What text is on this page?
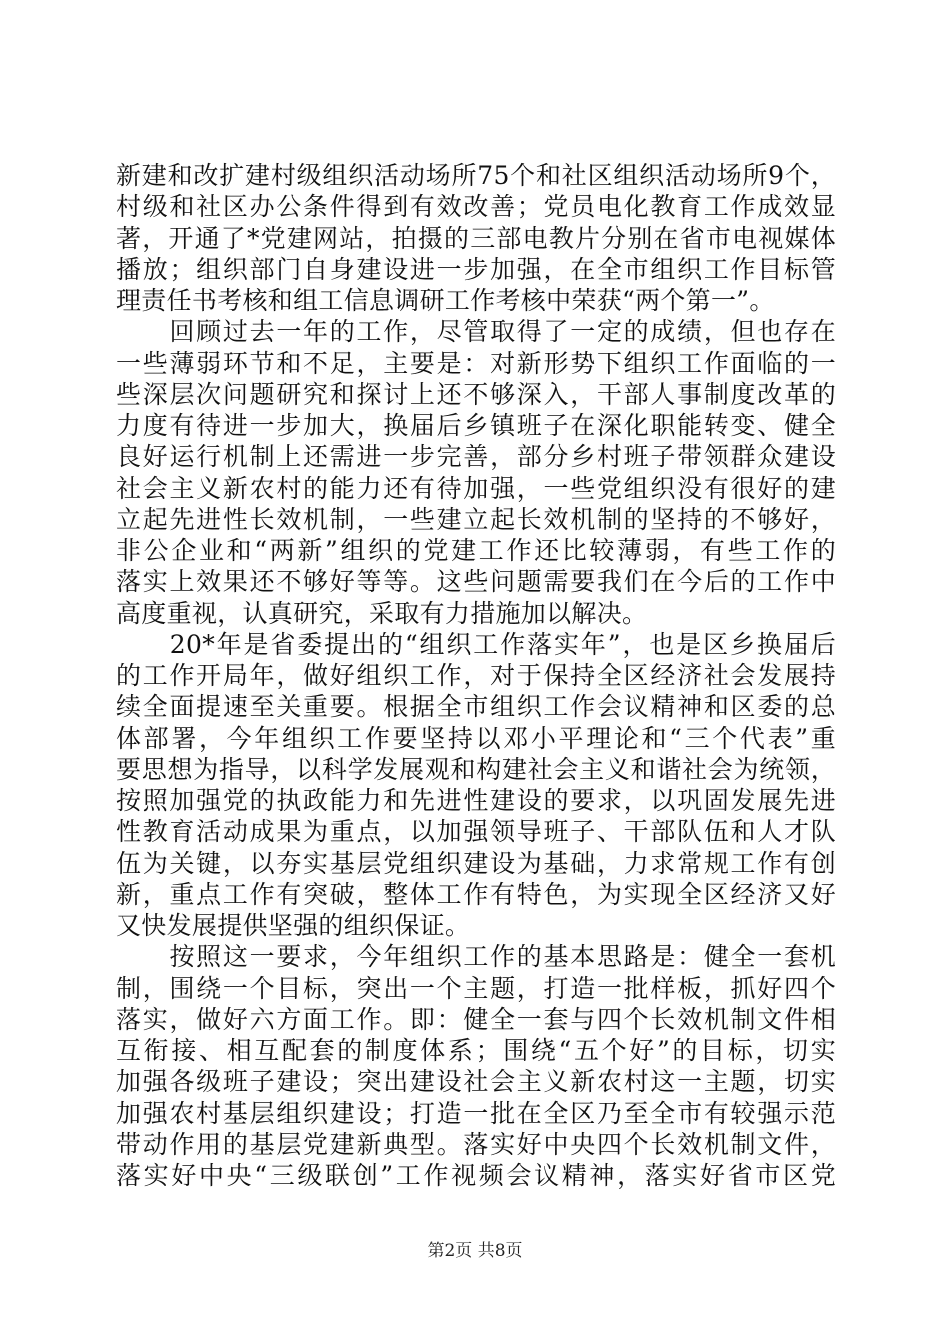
新建和改扩建村级组织活动场所75个和社区组织活动场所9个，
村级和社区办公条件得到有效改善；党员电化教育工作成效显
著，开通了*党建网站，拍摄的三部电教片分别在省市电视媒体
播放；组织部门自身建设进一步加强，在全市组织工作目标管
理责任书考核和组工信息调研工作考核中荣获“两个第一”。
　　回顾过去一年的工作，尽管取得了一定的成绩，但也存在
一些薄弱环节和不足，主要是：对新形势下组织工作面临的一
些深层次问题研究和探讨上还不够深入，干部人事制度改革的
力度有待进一步加大，换届后乡镇班子在深化职能转变、健全
良好运行机制上还需进一步完善，部分乡村班子带领群众建设
社会主义新农村的能力还有待加强，一些党组织没有很好的建
立起先进性长效机制，一些建立起长效机制的坚持的不够好，
非公企业和“两新”组织的党建工作还比较薄弱，有些工作的
落实上效果还不够好等等。这些问题需要我们在今后的工作中
高度重视，认真研究，采取有力措施加以解决。
　　20*年是省委提出的“组织工作落实年”，也是区乡换届后
的工作开局年，做好组织工作，对于保持全区经济社会发展持
续全面提速至关重要。根据全市组织工作会议精神和区委的总
体部署，今年组织工作要坚持以邓小平理论和“三个代表”重
要思想为指导，以科学发展观和构建社会主义和谐社会为统领，
按照加强党的执政能力和先进性建设的要求，以巩固发展先进
性教育活动成果为重点，以加强领导班子、干部队伍和人才队
伍为关键，以夯实基层党组织建设为基础，力求常规工作有创
新，重点工作有突破，整体工作有特色，为实现全区经济又好
又快发展提供坚强的组织保证。
　　按照这一要求，今年组织工作的基本思路是：健全一套机
制，围绕一个目标，突出一个主题，打造一批样板，抓好四个
落实，做好六方面工作。即：健全一套与四个长效机制文件相
互衔接、相互配套的制度体系；围绕“五个好”的目标，切实
加强各级班子建设；突出建设社会主义新农村这一主题，切实
加强农村基层组织建设；打造一批在全区乃至全市有较强示范
带动作用的基层党建新典型。落实好中央四个长效机制文件，
落实好中央“三级联创”工作视频会议精神，落实好省市区党
第2页 共8页
